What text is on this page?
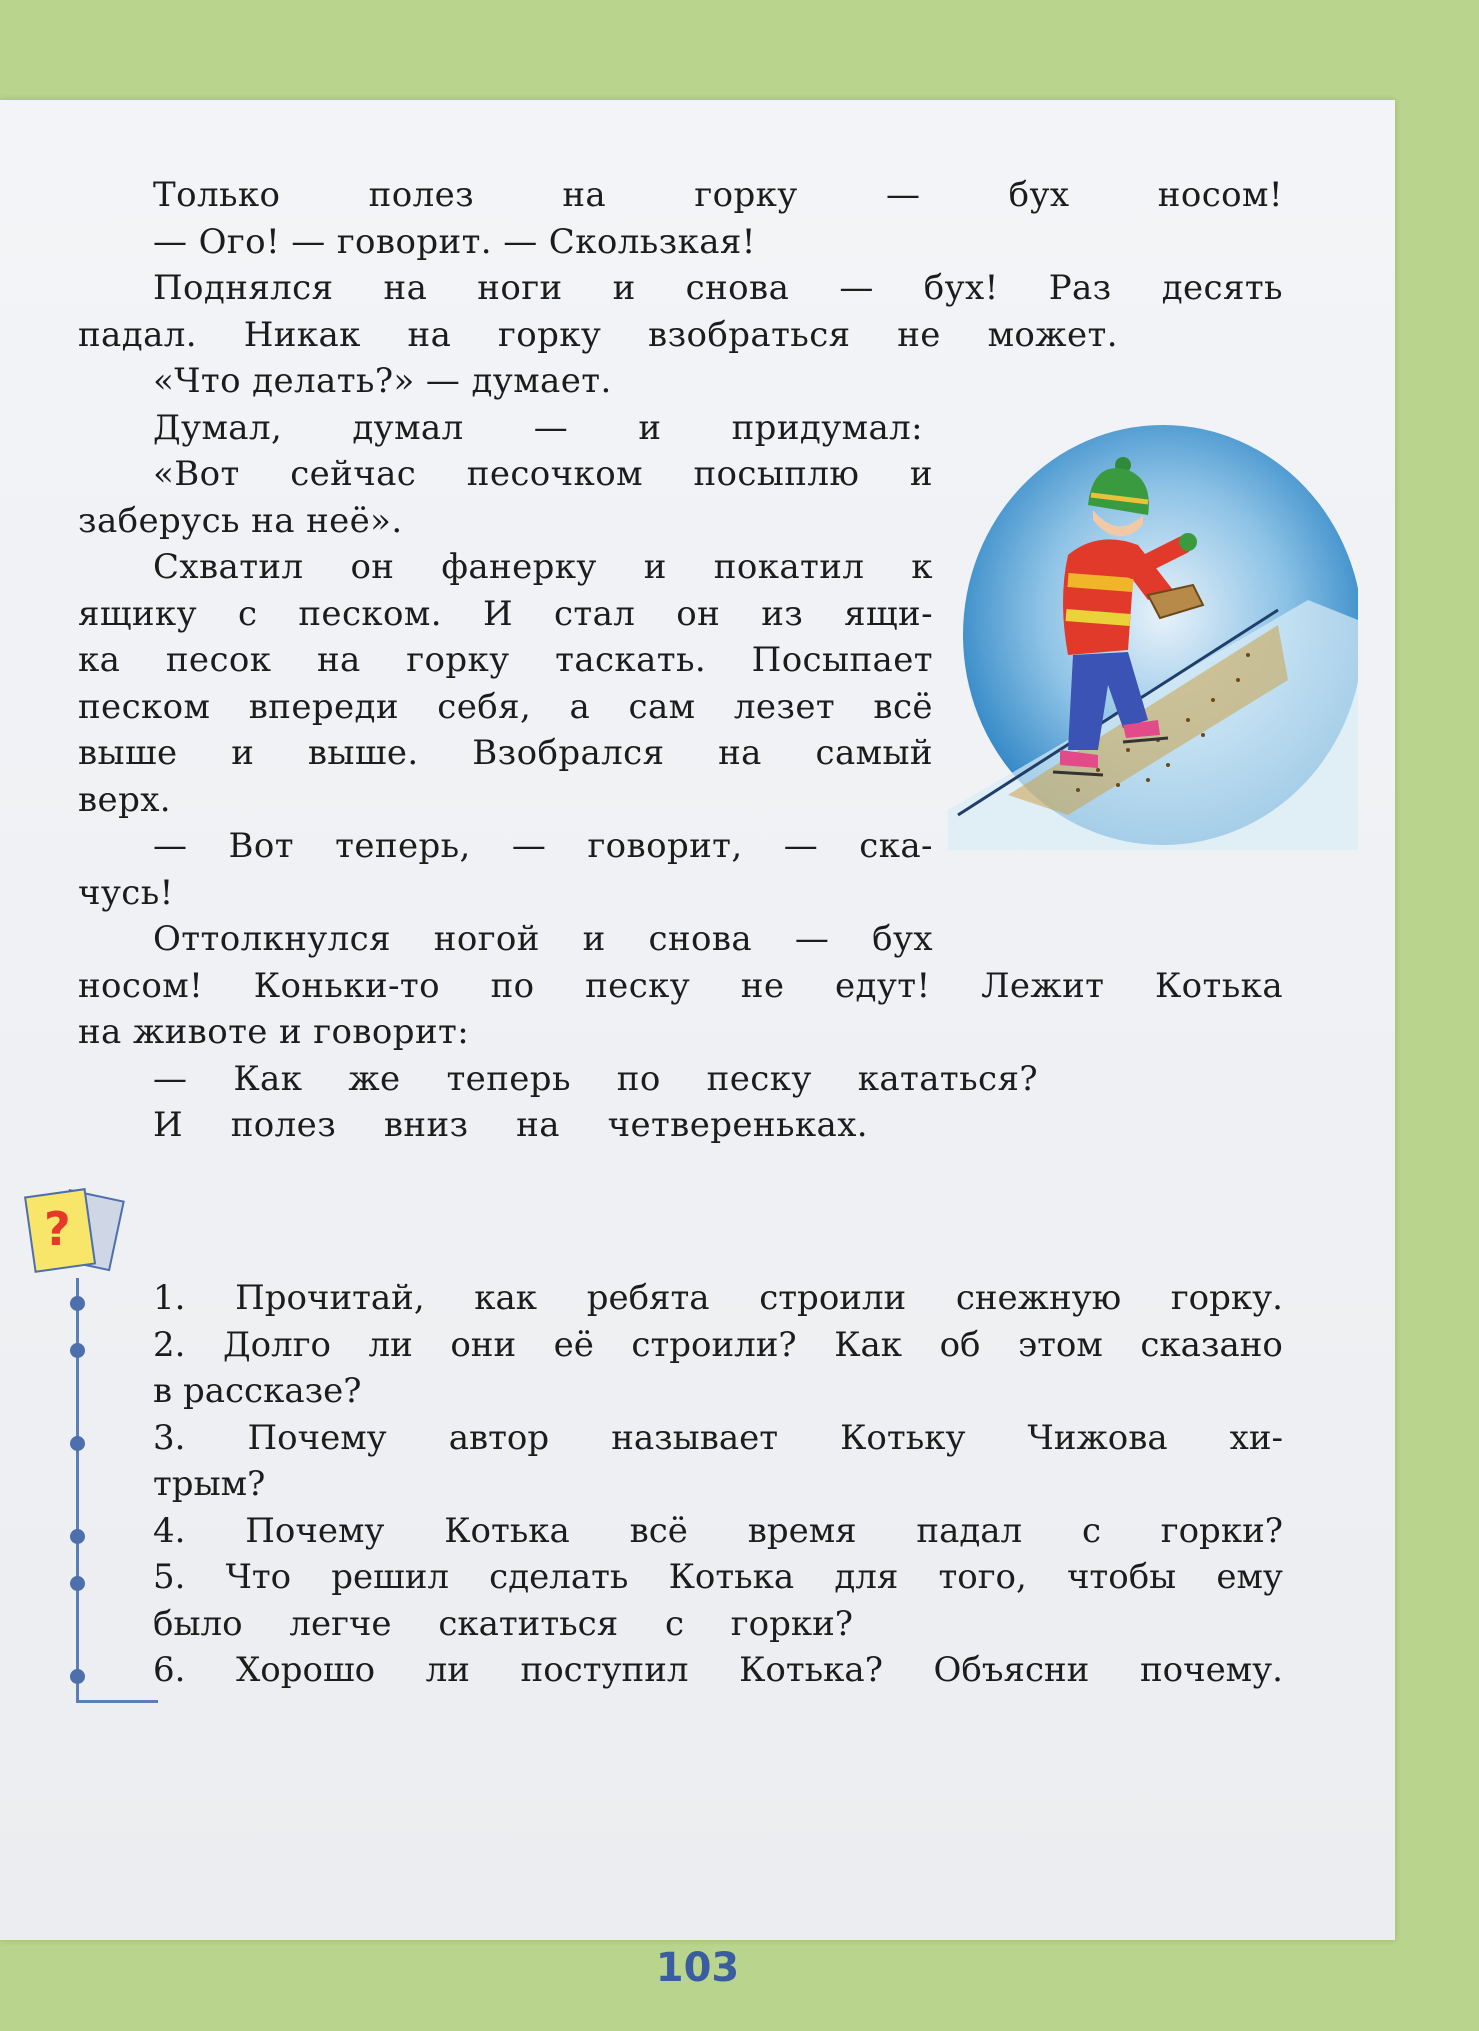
Только	полез	на	горку	—	бух	носом!
— Ого! — говорит. — Скользкая!
Поднялся на ноги и снова — бух! Раз десять
падал. Никак на горку взобраться не может.
«Что делать?» — думает.
Думал, думал — и придумал:
«Вот сейчас песочком посыплю и
заберусь на неё».
Схватил он фанерку и покатил к
ящику с песком. И стал он из ящи-
ка песок на горку таскать. Посыпает
песком впереди себя, а сам лезет всё
выше и выше. Взобрался на самый
верх.
— Вот теперь, — говорит, — ска-
чусь!
Оттолкнулся ногой и снова — бух
носом! Коньки-то по песку не едут! Лежит Котька
на животе и говорит:
— Как же теперь по песку кататься?
И полез вниз на четвереньках.
?
1. Прочитай, как ребята строили снежную горку.
2. Долго ли они её строили? Как об этом сказано
в рассказе?
3. Почему автор называет Котьку Чижова хи-
трым?
4. Почему Котька всё время падал с горки?
5. Что решил сделать Котька для того, чтобы ему
было легче скатиться с горки?
6. Хорошо ли поступил Котька? Объясни почему.
103
